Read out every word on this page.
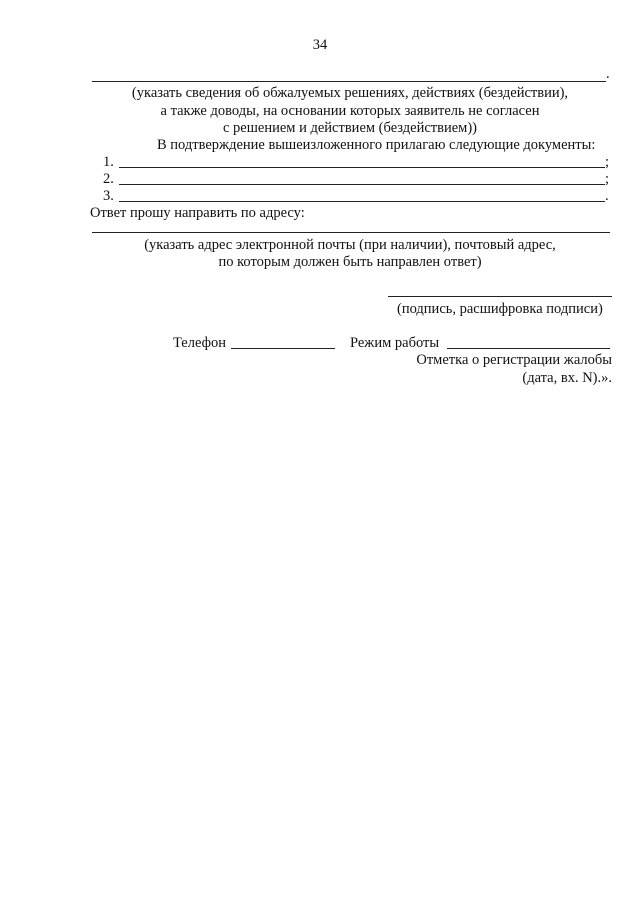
34
.
(указать сведения об обжалуемых решениях, действиях (бездействии),
а также доводы, на основании которых заявитель не согласен
с решением и действием (бездействием))
В подтверждение вышеизложенного прилагаю следующие документы:
1.	;
2.	;
3.	.
Ответ прошу направить по адресу:
(указать адрес электронной почты (при наличии), почтовый адрес,
по которым должен быть направлен ответ)
(подпись, расшифровка подписи)
Телефон	Режим работы
Отметка о регистрации жалобы
(дата, вх. N).».
